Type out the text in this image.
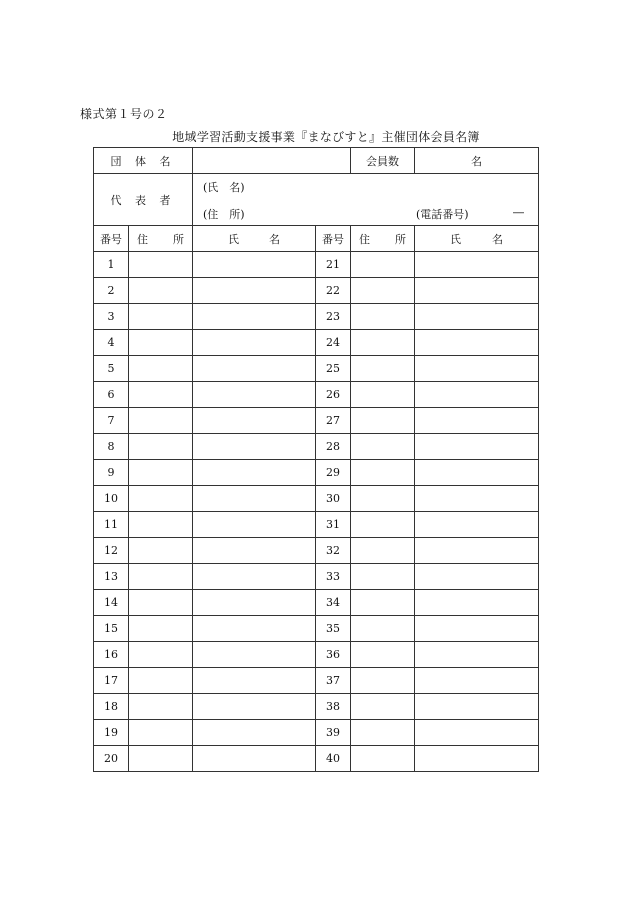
様式第１号の２
地域学習活動支援事業『まなびすと』主催団体会員名簿
団 体 名				会員数	名

代 表 者		(氏　名)
(住　所) (電話番号) ―			

番号	住 所	氏 名	番号	住 所	氏 名

1			21		
2			22		
3			23		
4			24		
5			25		
6			26		
7			27		
8			28		
9			29		
10			30		
11			31		
12			32		
13			33		
14			34		
15			35		
16			36		
17			37		
18			38		
19			39		
20			40		
